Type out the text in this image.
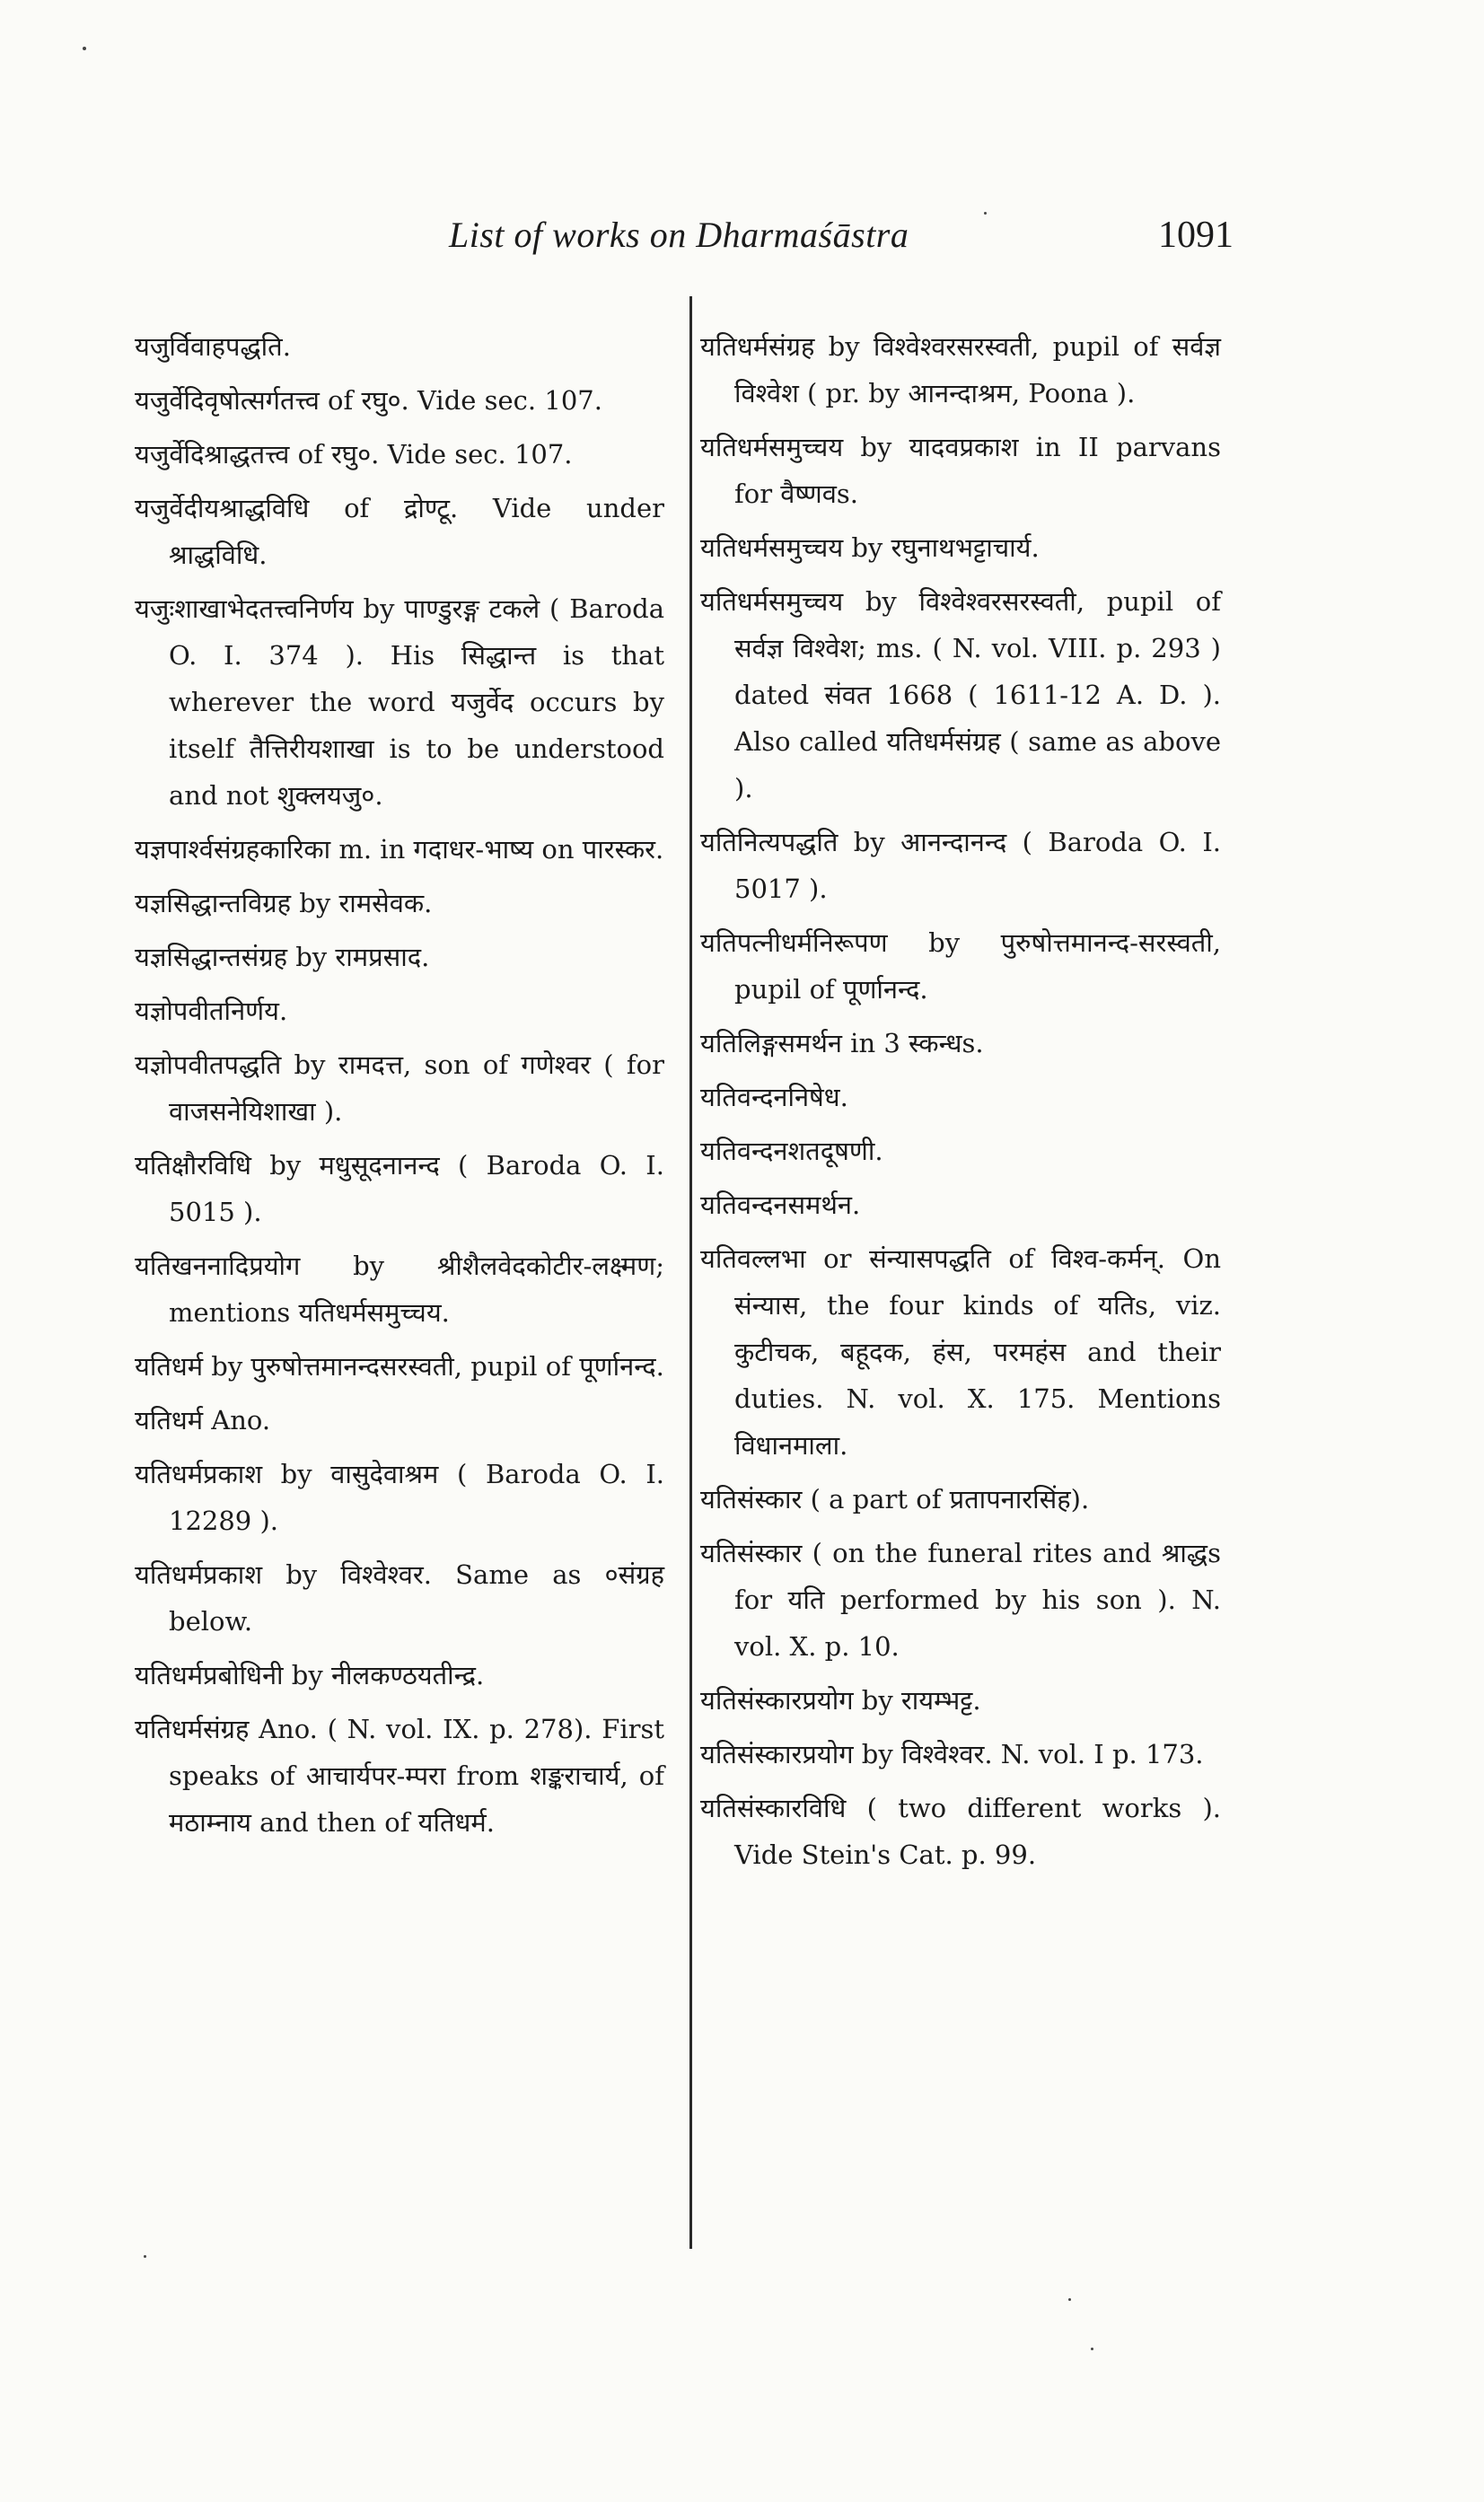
List of works on Dharmaśāstra	1091

यजुर्विवाहपद्धति.

यजुर्वेदिवृषोत्सर्गतत्त्व of रघु०. Vide sec. 107.

यजुर्वेदिश्राद्धतत्त्व of रघु०. Vide sec. 107.

यजुर्वेदीयश्राद्धविधि of द्रोण्टू. Vide under श्राद्धविधि.

यजुःशाखाभेदतत्त्वनिर्णय by पाण्डुरङ्ग टकले ( Baroda O. I. 374 ). His सिद्धान्त is that wherever the word यजुर्वेद occurs by itself तैत्तिरीयशाखा is to be understood and not शुक्लयजु०.

यज्ञपार्श्वसंग्रहकारिका m. in गदाधर-भाष्य on पारस्कर.

यज्ञसिद्धान्तविग्रह by रामसेवक.

यज्ञसिद्धान्तसंग्रह by रामप्रसाद.

यज्ञोपवीतनिर्णय.

यज्ञोपवीतपद्धति by रामदत्त, son of गणेश्वर ( for वाजसनेयिशाखा ).

यतिक्षौरविधि by मधुसूदनानन्द ( Baroda O. I. 5015 ).

यतिखननादिप्रयोग by श्रीशैलवेदकोटीर-लक्ष्मण; mentions यतिधर्मसमुच्चय.

यतिधर्म by पुरुषोत्तमानन्दसरस्वती, pupil of पूर्णानन्द.

यतिधर्म Ano.

यतिधर्मप्रकाश by वासुदेवाश्रम ( Baroda O. I. 12289 ).

यतिधर्मप्रकाश by विश्वेश्वर. Same as ०संग्रह below.

यतिधर्मप्रबोधिनी by नीलकण्ठयतीन्द्र.

यतिधर्मसंग्रह Ano. ( N. vol. IX. p. 278). First speaks of आचार्यपर-म्परा from शङ्कराचार्य, of मठाम्नाय and then of यतिधर्म.

यतिधर्मसंग्रह by विश्वेश्वरसरस्वती, pupil of सर्वज्ञ विश्वेश ( pr. by आनन्दाश्रम, Poona ).

यतिधर्मसमुच्चय by यादवप्रकाश in II parvans for वैष्णवs.

यतिधर्मसमुच्चय by रघुनाथभट्टाचार्य.

यतिधर्मसमुच्चय by विश्वेश्वरसरस्वती, pupil of सर्वज्ञ विश्वेश; ms. ( N. vol. VIII. p. 293 ) dated संवत 1668 ( 1611-12 A. D. ). Also called यतिधर्मसंग्रह ( same as above ).

यतिनित्यपद्धति by आनन्दानन्द ( Baroda O. I. 5017 ).

यतिपत्नीधर्मनिरूपण by पुरुषोत्तमानन्द-सरस्वती, pupil of पूर्णानन्द.

यतिलिङ्गसमर्थन in 3 स्कन्धs.

यतिवन्दननिषेध.

यतिवन्दनशतदूषणी.

यतिवन्दनसमर्थन.

यतिवल्लभा or संन्यासपद्धति of विश्व-कर्मन्. On संन्यास, the four kinds of यतिs, viz. कुटीचक, बहूदक, हंस, परमहंस and their duties. N. vol. X. 175. Mentions विधानमाला.

यतिसंस्कार ( a part of प्रतापनारसिंह).

यतिसंस्कार ( on the funeral rites and श्राद्धs for यति performed by his son ). N. vol. X. p. 10.

यतिसंस्कारप्रयोग by रायम्भट्ट.

यतिसंस्कारप्रयोग by विश्वेश्वर. N. vol. I p. 173.

यतिसंस्कारविधि ( two different works ). Vide Stein's Cat. p. 99.
